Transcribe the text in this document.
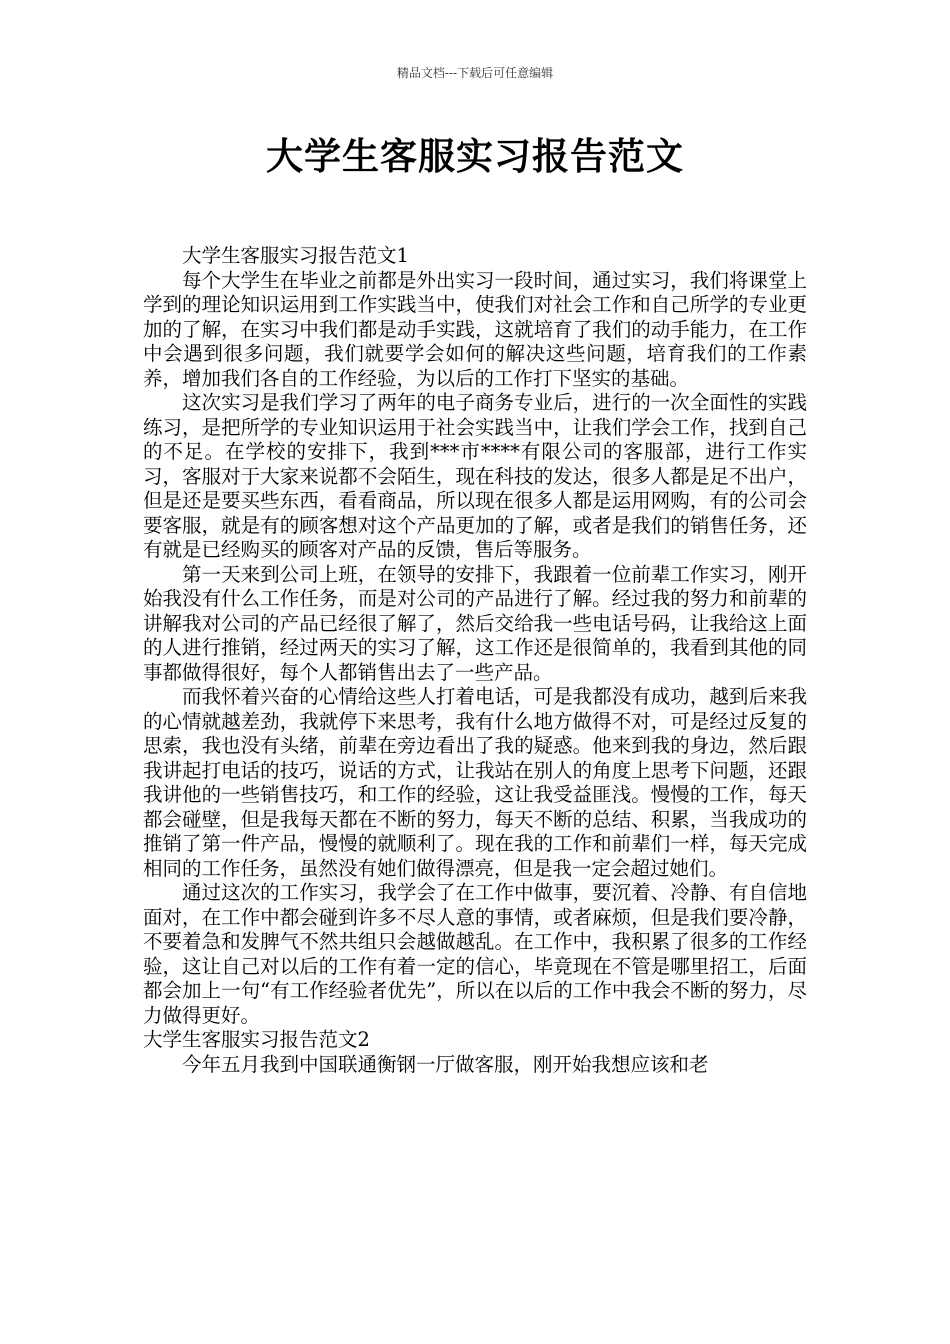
精品文档---下载后可任意编辑
大学生客服实习报告范文

大学生客服实习报告范文1

每个大学生在毕业之前都是外出实习一段时间，通过实习，我们将课堂上学到的理论知识运用到工作实践当中，使我们对社会工作和自己所学的专业更加的了解，在实习中我们都是动手实践，这就培育了我们的动手能力，在工作中会遇到很多问题，我们就要学会如何的解决这些问题，培育我们的工作素养，增加我们各自的工作经验，为以后的工作打下坚实的基础。

这次实习是我们学习了两年的电子商务专业后，进行的一次全面性的实践练习，是把所学的专业知识运用于社会实践当中，让我们学会工作，找到自己的不足。在学校的安排下，我到***市****有限公司的客服部，进行工作实习，客服对于大家来说都不会陌生，现在科技的发达，很多人都是足不出户，但是还是要买些东西，看看商品，所以现在很多人都是运用网购，有的公司会要客服，就是有的顾客想对这个产品更加的了解，或者是我们的销售任务，还有就是已经购买的顾客对产品的反馈，售后等服务。

第一天来到公司上班，在领导的安排下，我跟着一位前辈工作实习，刚开始我没有什么工作任务，而是对公司的产品进行了解。经过我的努力和前辈的讲解我对公司的产品已经很了解了，然后交给我一些电话号码，让我给这上面的人进行推销，经过两天的实习了解，这工作还是很简单的，我看到其他的同事都做得很好，每个人都销售出去了一些产品。

而我怀着兴奋的心情给这些人打着电话，可是我都没有成功，越到后来我的心情就越差劲，我就停下来思考，我有什么地方做得不对，可是经过反复的思索，我也没有头绪，前辈在旁边看出了我的疑惑。他来到我的身边，然后跟我讲起打电话的技巧，说话的方式，让我站在别人的角度上思考下问题，还跟我讲他的一些销售技巧，和工作的经验，这让我受益匪浅。慢慢的工作，每天都会碰壁，但是我每天都在不断的努力，每天不断的总结、积累，当我成功的推销了第一件产品，慢慢的就顺利了。现在我的工作和前辈们一样，每天完成相同的工作任务，虽然没有她们做得漂亮，但是我一定会超过她们。

通过这次的工作实习，我学会了在工作中做事，要沉着、冷静、有自信地面对，在工作中都会碰到许多不尽人意的事情，或者麻烦，但是我们要冷静，不要着急和发脾气不然共组只会越做越乱。在工作中，我积累了很多的工作经验，这让自己对以后的工作有着一定的信心，毕竟现在不管是哪里招工，后面都会加上一句“有工作经验者优先”，所以在以后的工作中我会不断的努力，尽力做得更好。

大学生客服实习报告范文2

今年五月我到中国联通衡钢一厅做客服，刚开始我想应该和老
